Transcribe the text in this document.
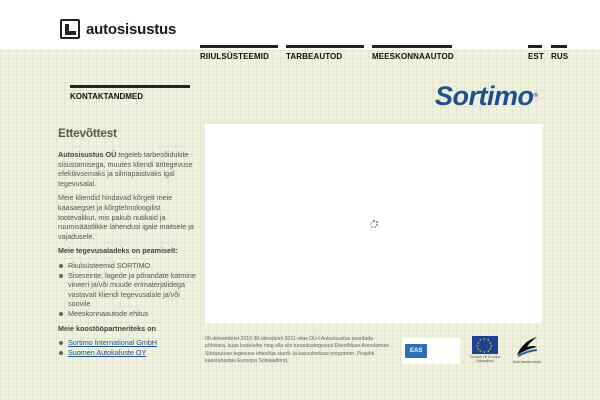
autosisustus
RIIULSÜSTEEMID	TARBEAUTOD	MEESKONNAAUTOD	EST RUS
KONTAKTANDMED	Sortimo®
Ettevõttest

Autosisustus OÜ tegeleb tarbesõidukite sisustamisega, muutes kliendi äritegevuse efektiivsemaks ja silmapaistvaks igal tegevusalal.

Meie kliendid hindavad kõrgelt meie kaasaegset ja kõrgtehnoloogilist tootevalikut, mis pakub nutikaid ja ruumisäästlikke lahendusi igale maitsele ja vajadusele.

Meie tegevusaladeks on peamiselt:

Riiulsüsteemid SORTIMO
Siseseinte, lagede ja põrandate katmine vineeri ja/või muude erimaterjalidega vastavalt kliendi tegevusalale ja/või soovile
Meeskonnaautode ehitus

Meie koostööpartneriteks on

Sortimo International GmbH
Suomen Autokaluste OY
06.detsembrist 2010 30.oktoobrini 2011 viias OÜ-l Autosisustus sooritada põhivara, kuas koduleihe ning ella viis turundustegevusi Ettevõtluse Arendamise Sihtasutuse tegevuse ettevõtja stardi- ja kasvutoetuse programm. Projekti kaasrahastas Euroopa Sotsiaalfond.
EAS
★ ★
★
★
★
★
★
★
★
★
★
★
Euroopa Liit Euroopa Sotsiaalfond	Eesti tuleviku heaks
